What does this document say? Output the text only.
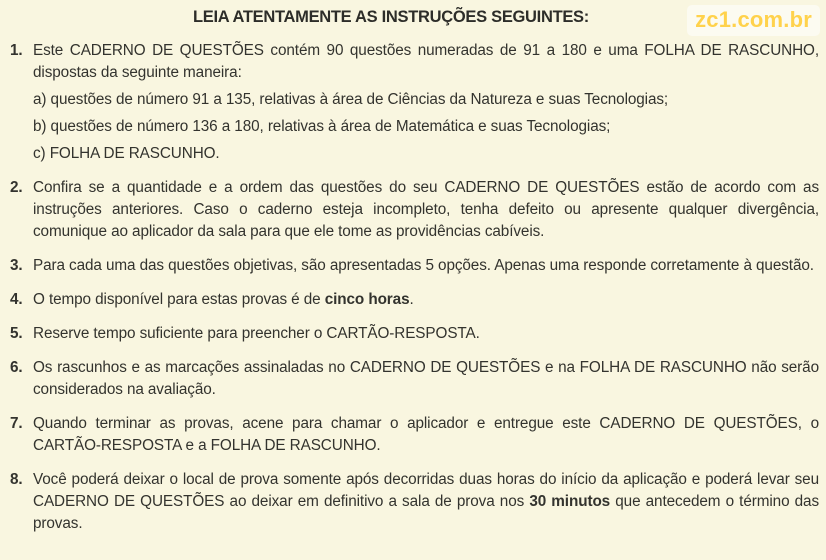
LEIA ATENTAMENTE AS INSTRUÇÕES SEGUINTES:	zc1.com.br
1. Este CADERNO DE QUESTÕES contém 90 questões numeradas de 91 a 180 e uma FOLHA DE RASCUNHO, dispostas da seguinte maneira:

a) questões de número 91 a 135, relativas à área de Ciências da Natureza e suas Tecnologias;

b) questões de número 136 a 180, relativas à área de Matemática e suas Tecnologias;

c) FOLHA DE RASCUNHO.

2. Confira se a quantidade e a ordem das questões do seu CADERNO DE QUESTÕES estão de acordo com as instruções anteriores. Caso o caderno esteja incompleto, tenha defeito ou apresente qualquer divergência, comunique ao aplicador da sala para que ele tome as providências cabíveis.

3. Para cada uma das questões objetivas, são apresentadas 5 opções. Apenas uma responde corretamente à questão.

4. O tempo disponível para estas provas é de cinco horas.

5. Reserve tempo suficiente para preencher o CARTÃO-RESPOSTA.

6. Os rascunhos e as marcações assinaladas no CADERNO DE QUESTÕES e na FOLHA DE RASCUNHO não serão considerados na avaliação.

7. Quando terminar as provas, acene para chamar o aplicador e entregue este CADERNO DE QUESTÕES, o CARTÃO-RESPOSTA e a FOLHA DE RASCUNHO.

8. Você poderá deixar o local de prova somente após decorridas duas horas do início da aplicação e poderá levar seu CADERNO DE QUESTÕES ao deixar em definitivo a sala de prova nos 30 minutos que antecedem o término das provas.
